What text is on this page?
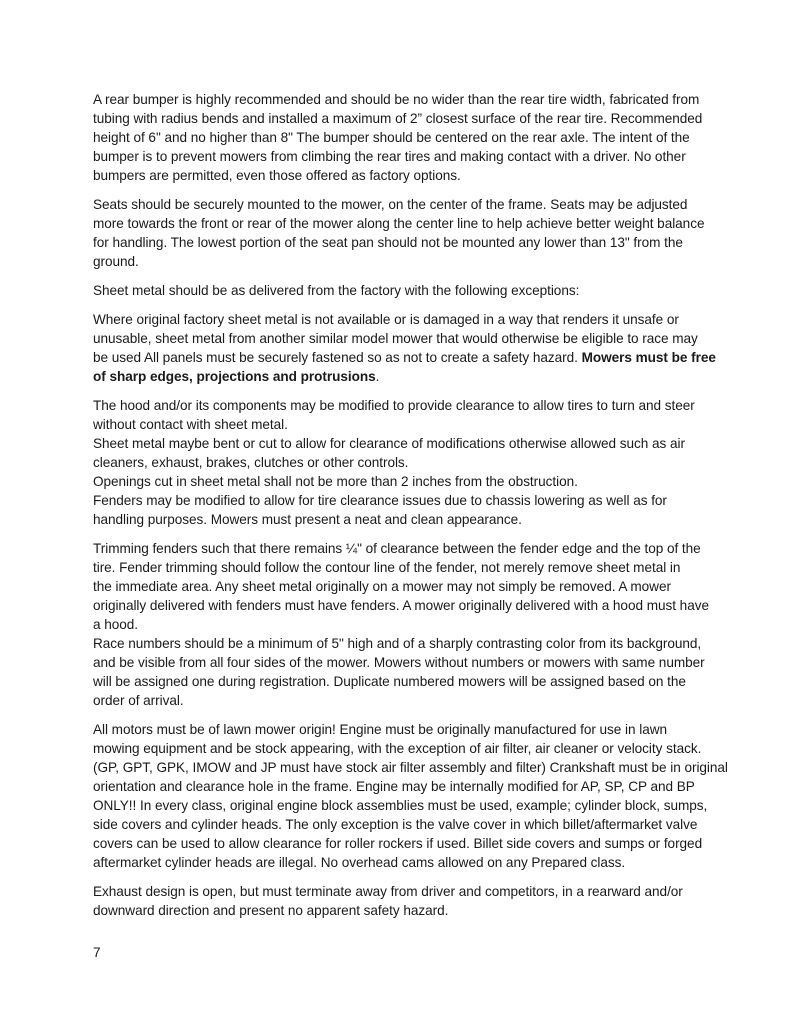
A rear bumper is highly recommended and should be no wider than the rear tire width, fabricated from
tubing with radius bends and installed a maximum of 2” closest surface of the rear tire. Recommended
height of 6" and no higher than 8" The bumper should be centered on the rear axle. The intent of the
bumper is to prevent mowers from climbing the rear tires and making contact with a driver. No other
bumpers are permitted, even those offered as factory options.

Seats should be securely mounted to the mower, on the center of the frame. Seats may be adjusted
more towards the front or rear of the mower along the center line to help achieve better weight balance
for handling. The lowest portion of the seat pan should not be mounted any lower than 13" from the
ground.

Sheet metal should be as delivered from the factory with the following exceptions:

Where original factory sheet metal is not available or is damaged in a way that renders it unsafe or
unusable, sheet metal from another similar model mower that would otherwise be eligible to race may
be used All panels must be securely fastened so as not to create a safety hazard. Mowers must be free
of sharp edges, projections and protrusions.

The hood and/or its components may be modified to provide clearance to allow tires to turn and steer
without contact with sheet metal.
Sheet metal maybe bent or cut to allow for clearance of modifications otherwise allowed such as air
cleaners, exhaust, brakes, clutches or other controls.
Openings cut in sheet metal shall not be more than 2 inches from the obstruction.
Fenders may be modified to allow for tire clearance issues due to chassis lowering as well as for
handling purposes. Mowers must present a neat and clean appearance.

Trimming fenders such that there remains ¼" of clearance between the fender edge and the top of the
tire. Fender trimming should follow the contour line of the fender, not merely remove sheet metal in
the immediate area. Any sheet metal originally on a mower may not simply be removed. A mower
originally delivered with fenders must have fenders. A mower originally delivered with a hood must have
a hood.
Race numbers should be a minimum of 5" high and of a sharply contrasting color from its background,
and be visible from all four sides of the mower. Mowers without numbers or mowers with same number
will be assigned one during registration. Duplicate numbered mowers will be assigned based on the
order of arrival.

All motors must be of lawn mower origin! Engine must be originally manufactured for use in lawn
mowing equipment and be stock appearing, with the exception of air filter, air cleaner or velocity stack.
(GP, GPT, GPK, IMOW and JP must have stock air filter assembly and filter) Crankshaft must be in original
orientation and clearance hole in the frame. Engine may be internally modified for AP, SP, CP and BP
ONLY!! In every class, original engine block assemblies must be used, example; cylinder block, sumps,
side covers and cylinder heads. The only exception is the valve cover in which billet/aftermarket valve
covers can be used to allow clearance for roller rockers if used. Billet side covers and sumps or forged
aftermarket cylinder heads are illegal. No overhead cams allowed on any Prepared class.

Exhaust design is open, but must terminate away from driver and competitors, in a rearward and/or
downward direction and present no apparent safety hazard.

7
